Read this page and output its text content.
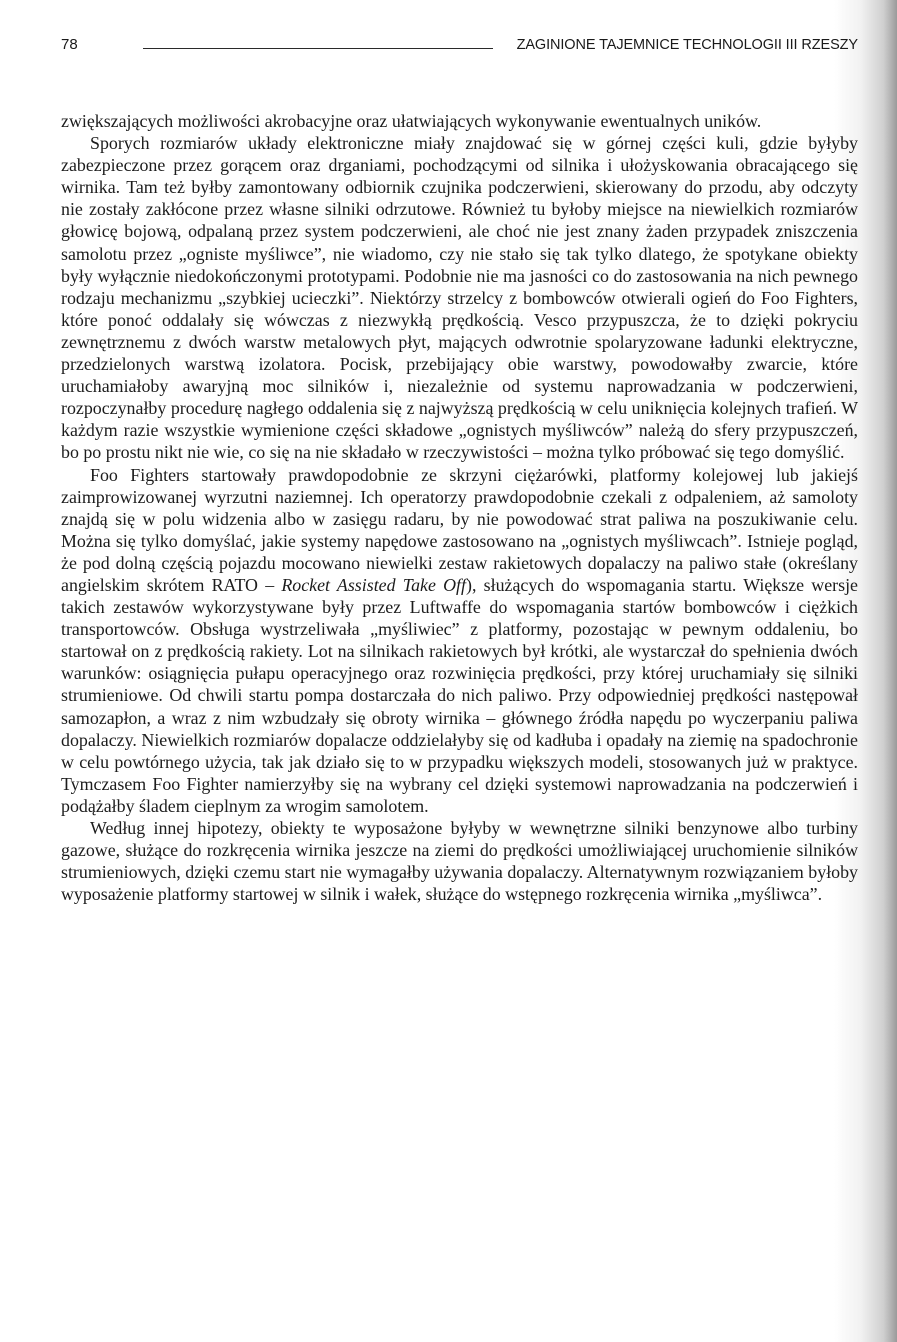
78	ZAGINIONE TAJEMNICE TECHNOLOGII III RZESZY

zwiększających możliwości akrobacyjne oraz ułatwiających wykonywanie ewentualnych uników.

Sporych rozmiarów układy elektroniczne miały znajdować się w górnej części kuli, gdzie byłyby zabezpieczone przez gorącem oraz drganiami, pochodzącymi od silnika i ułożyskowania obracającego się wirnika. Tam też byłby zamontowany odbiornik czujnika podczerwieni, skierowany do przodu, aby odczyty nie zostały zakłócone przez własne silniki odrzutowe. Również tu byłoby miejsce na niewielkich rozmiarów głowicę bojową, odpalaną przez system podczerwieni, ale choć nie jest znany żaden przypadek zniszczenia samolotu przez „ogniste myśliwce”, nie wiadomo, czy nie stało się tak tylko dlatego, że spotykane obiekty były wyłącznie niedokończonymi prototypami. Podobnie nie ma jasności co do zastosowania na nich pewnego rodzaju mechanizmu „szybkiej ucieczki”. Niektórzy strzelcy z bombowców otwierali ogień do Foo Fighters, które ponoć oddalały się wówczas z niezwykłą prędkością. Vesco przypuszcza, że to dzięki pokryciu zewnętrznemu z dwóch warstw metalowych płyt, mających odwrotnie spolaryzowane ładunki elektryczne, przedzielonych warstwą izolatora. Pocisk, przebijający obie warstwy, powodowałby zwarcie, które uruchamiałoby awaryjną moc silników i, niezależnie od systemu naprowadzania w podczerwieni, rozpoczynałby procedurę nagłego oddalenia się z najwyższą prędkością w celu uniknięcia kolejnych trafień. W każdym razie wszystkie wymienione części składowe „ognistych myśliwców” należą do sfery przypuszczeń, bo po prostu nikt nie wie, co się na nie składało w rzeczywistości – można tylko próbować się tego domyślić.

Foo Fighters startowały prawdopodobnie ze skrzyni ciężarówki, platformy kolejowej lub jakiejś zaimprowizowanej wyrzutni naziemnej. Ich operatorzy prawdopodobnie czekali z odpaleniem, aż samoloty znajdą się w polu widzenia albo w zasięgu radaru, by nie powodować strat paliwa na poszukiwanie celu. Można się tylko domyślać, jakie systemy napędowe zastosowano na „ognistych myśliwcach”. Istnieje pogląd, że pod dolną częścią pojazdu mocowano niewielki zestaw rakietowych dopalaczy na paliwo stałe (określany angielskim skrótem RATO – Rocket Assisted Take Off), służących do wspomagania startu. Większe wersje takich zestawów wykorzystywane były przez Luftwaffe do wspomagania startów bombowców i ciężkich transportowców. Obsługa wystrzeliwała „myśliwiec” z platformy, pozostając w pewnym oddaleniu, bo startował on z prędkością rakiety. Lot na silnikach rakietowych był krótki, ale wystarczał do spełnienia dwóch warunków: osiągnięcia pułapu operacyjnego oraz rozwinięcia prędkości, przy której uruchamiały się silniki strumieniowe. Od chwili startu pompa dostarczała do nich paliwo. Przy odpowiedniej prędkości następował samozapłon, a wraz z nim wzbudzały się obroty wirnika – głównego źródła napędu po wyczerpaniu paliwa dopalaczy. Niewielkich rozmiarów dopalacze oddzielałyby się od kadłuba i opadały na ziemię na spadochronie w celu powtórnego użycia, tak jak działo się to w przypadku większych modeli, stosowanych już w praktyce. Tymczasem Foo Fighter namierzyłby się na wybrany cel dzięki systemowi naprowadzania na podczerwień i podążałby śladem cieplnym za wrogim samolotem.

Według innej hipotezy, obiekty te wyposażone byłyby w wewnętrzne silniki benzynowe albo turbiny gazowe, służące do rozkręcenia wirnika jeszcze na ziemi do prędkości umożliwiającej uruchomienie silników strumieniowych, dzięki czemu start nie wymagałby używania dopalaczy. Alternatywnym rozwiązaniem byłoby wyposażenie platformy startowej w silnik i wałek, służące do wstępnego rozkręcenia wirnika „myśliwca”.
